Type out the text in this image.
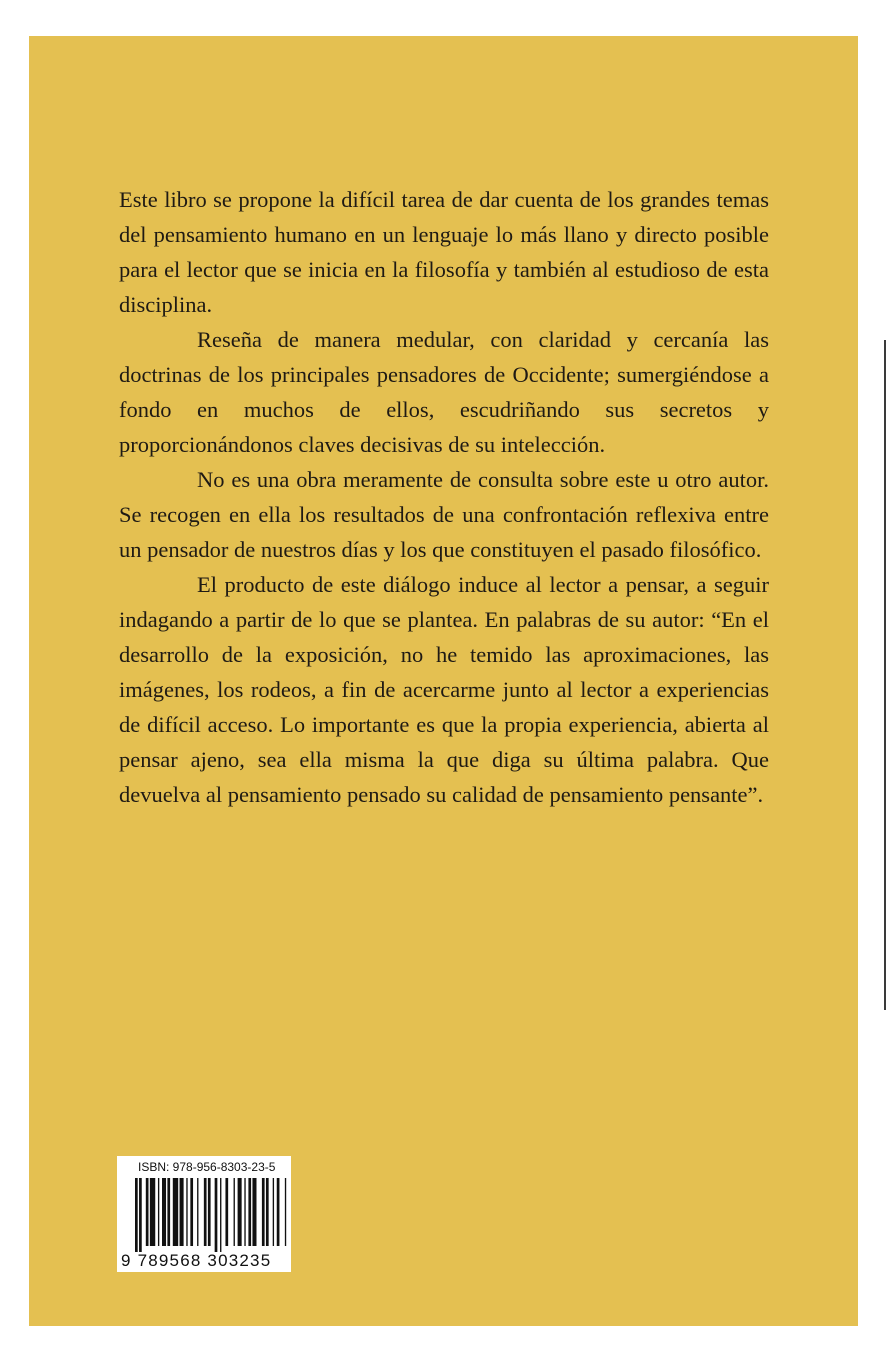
Este libro se propone la difícil tarea de dar cuenta de los grandes temas del pensamiento humano en un lenguaje lo más llano y directo posible para el lector que se inicia en la filosofía y también al estudioso de esta disciplina.

Reseña de manera medular, con claridad y cercanía las doctrinas de los principales pensadores de Occidente; sumergiéndose a fondo en muchos de ellos, escudriñando sus secretos y proporcionándonos claves decisivas de su intelección.

No es una obra meramente de consulta sobre este u otro autor. Se recogen en ella los resultados de una confrontación reflexiva entre un pensador de nuestros días y los que constituyen el pasado filosófico.

El producto de este diálogo induce al lector a pensar, a seguir indagando a partir de lo que se plantea. En palabras de su autor: “En el desarrollo de la exposición, no he temido las aproximaciones, las imágenes, los rodeos, a fin de acercarme junto al lector a experiencias de difícil acceso. Lo importante es que la propia experiencia, abierta al pensar ajeno, sea ella misma la que diga su última palabra. Que devuelva al pensamiento pensado su calidad de pensamiento pensante”.

ISBN: 978-956-8303-23-5
9 789568 303235
